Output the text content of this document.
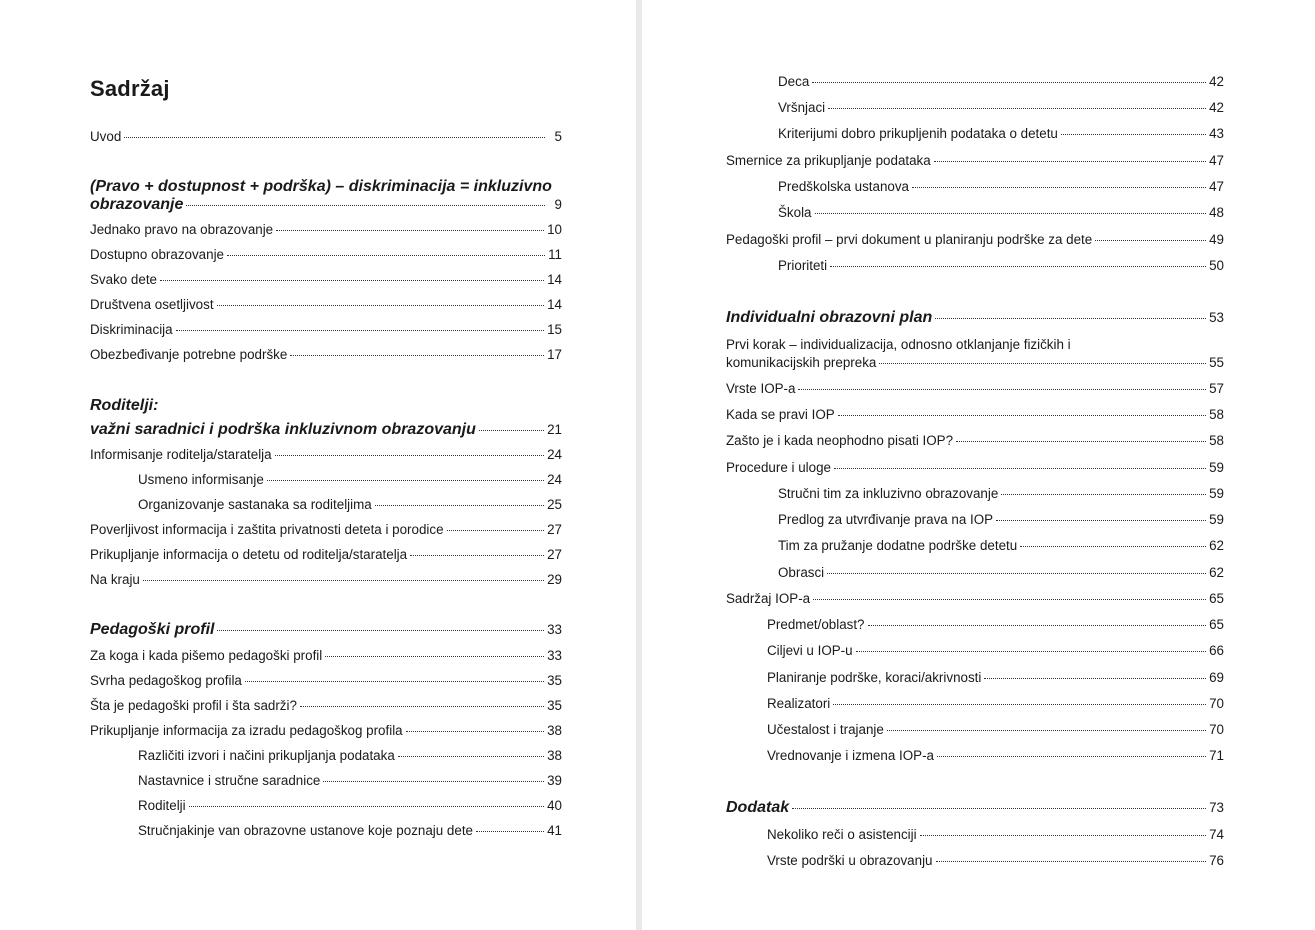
Sadržaj
Uvod	5
(Pravo + dostupnost + podrška) – diskriminacija = inkluzivno
obrazovanje	9
Jednako pravo na obrazovanje	10
Dostupno obrazovanje	11
Svako dete	14
Društvena osetljivost	14
Diskriminacija	15
Obezbeđivanje potrebne podrške	17
Roditelji:
važni saradnici i podrška inkluzivnom obrazovanju	21
Informisanje roditelja/staratelja	24
Usmeno informisanje	24
Organizovanje sastanaka sa roditeljima	25
Poverljivost informacija i zaštita privatnosti deteta i porodice	27
Prikupljanje informacija o detetu od roditelja/staratelja	27
Na kraju	29
Pedagoški profil	33
Za koga i kada pišemo pedagoški profil	33
Svrha pedagoškog profila	35
Šta je pedagoški profil i šta sadrži?	35
Prikupljanje informacija za izradu pedagoškog profila	38
Različiti izvori i načini prikupljanja podataka	38
Nastavnice i stručne saradnice	39
Roditelji	40
Stručnjakinje van obrazovne ustanove koje poznaju dete	41
Deca	42
Vršnjaci	42
Kriterijumi dobro prikupljenih podataka o detetu	43
Smernice za prikupljanje podataka	47
Predškolska ustanova	47
Škola	48
Pedagoški profil – prvi dokument u planiranju podrške za dete	49
Prioriteti	50
Individualni obrazovni plan	53
Prvi korak – individualizacija, odnosno otklanjanje fizičkih i
komunikacijskih prepreka	55
Vrste IOP-a	57
Kada se pravi IOP	58
Zašto je i kada neophodno pisati IOP?	58
Procedure i uloge	59
Stručni tim za inkluzivno obrazovanje	59
Predlog za utvrđivanje prava na IOP	59
Tim za pružanje dodatne podrške detetu	62
Obrasci	62
Sadržaj IOP-a	65
Predmet/oblast?	65
Ciljevi u IOP-u	66
Planiranje podrške, koraci/akrivnosti	69
Realizatori	70
Učestalost i trajanje	70
Vrednovanje i izmena IOP-a	71
Dodatak	73
Nekoliko reči o asistenciji	74
Vrste podrški u obrazovanju	76
